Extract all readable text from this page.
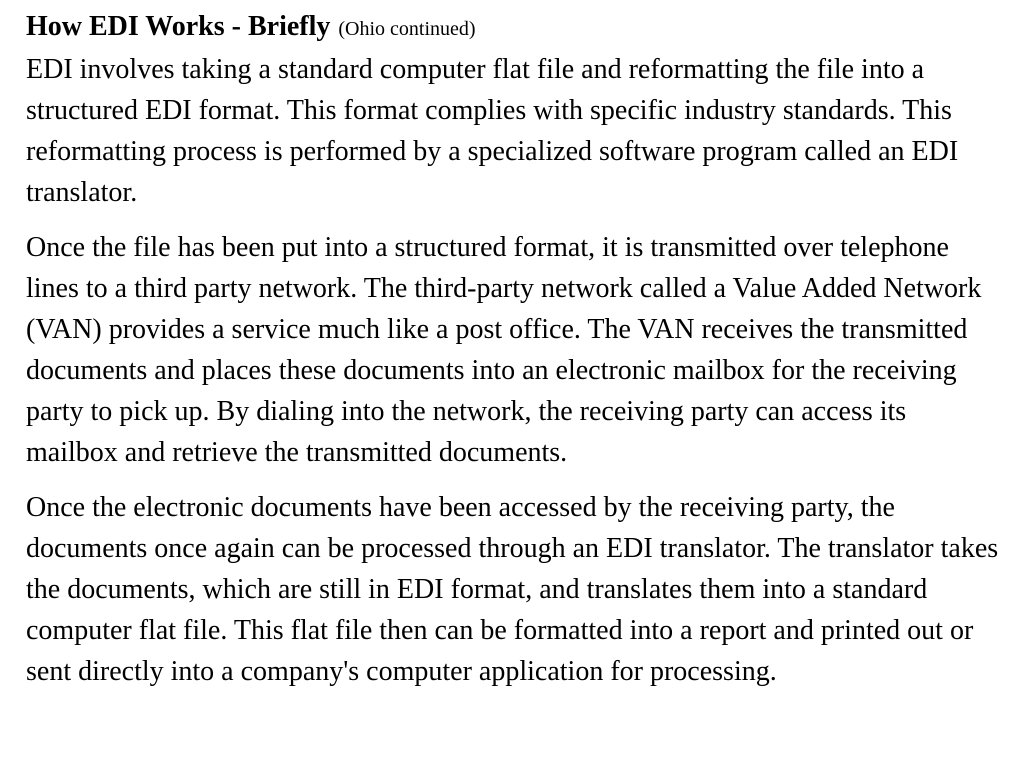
How EDI Works - Briefly (Ohio continued)

EDI involves taking a standard computer flat file and reformatting the file into a structured EDI format. This format complies with specific industry standards. This reformatting process is performed by a specialized software program called an EDI translator.

Once the file has been put into a structured format, it is transmitted over telephone lines to a third party network. The third-party network called a Value Added Network (VAN) provides a service much like a post office. The VAN receives the transmitted documents and places these documents into an electronic mailbox for the receiving party to pick up. By dialing into the network, the receiving party can access its mailbox and retrieve the transmitted documents.

Once the electronic documents have been accessed by the receiving party, the documents once again can be processed through an EDI translator. The translator takes the documents, which are still in EDI format, and translates them into a standard computer flat file. This flat file then can be formatted into a report and printed out or sent directly into a company's computer application for processing.
